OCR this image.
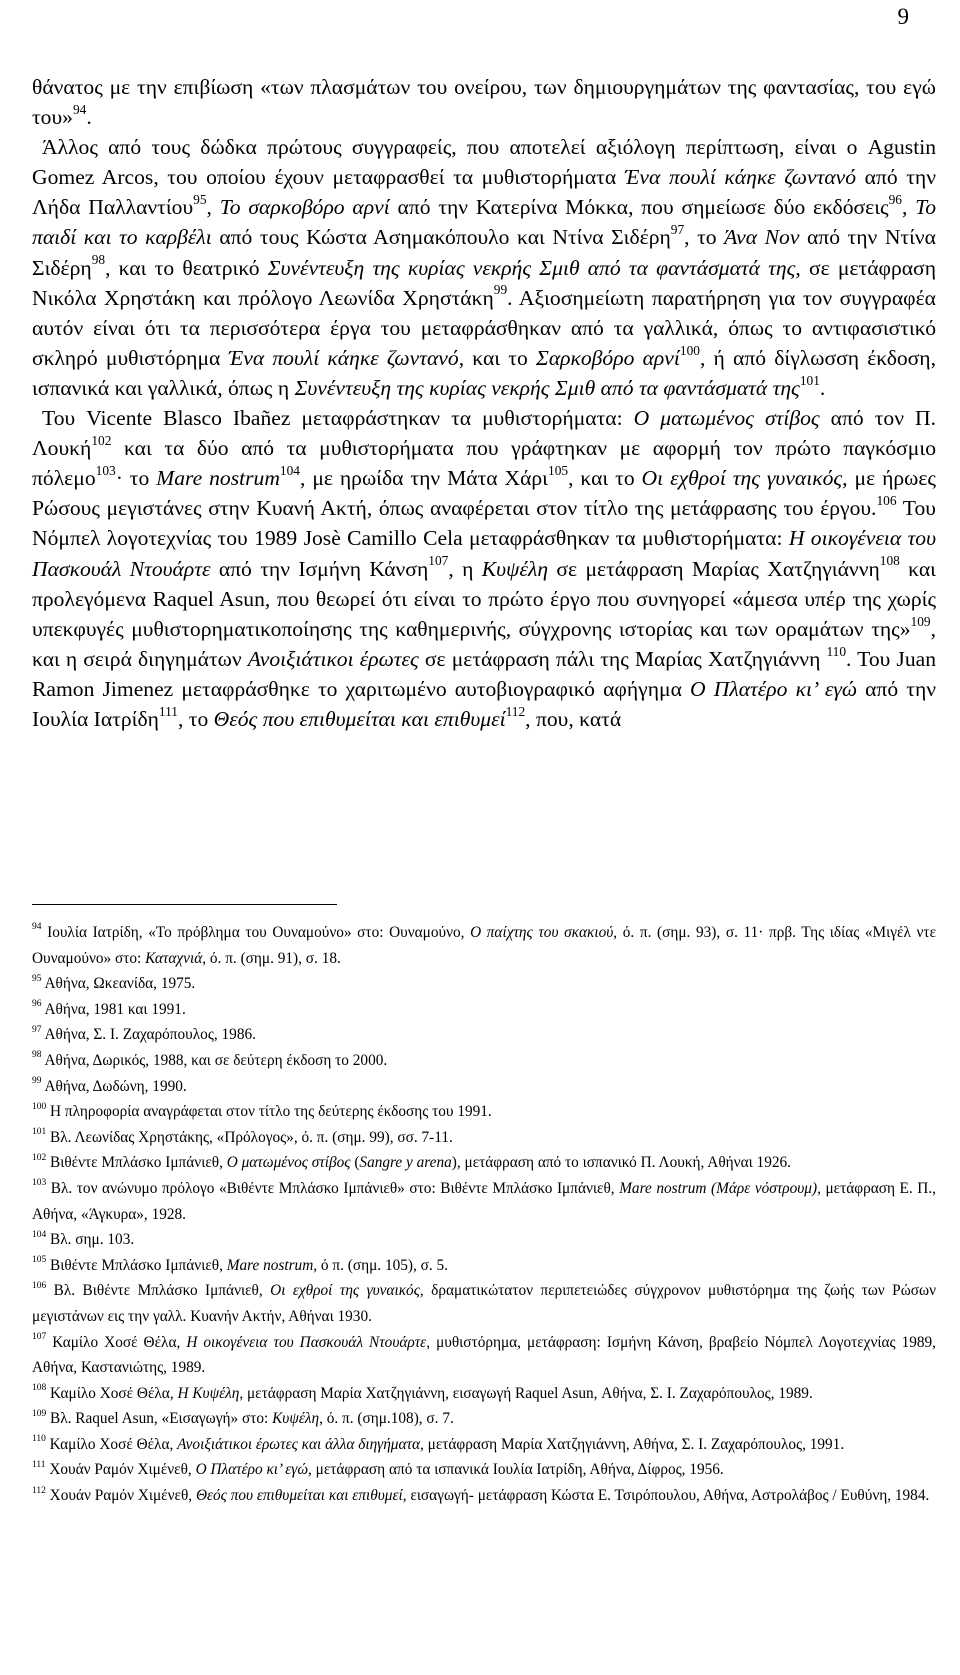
9

θάνατος με την επιβίωση «των πλασμάτων του ονείρου, των δημιουργημάτων της φαντασίας, του εγώ του»$^{94}$.

Άλλος από τους δώδκα πρώτους συγγραφείς, που αποτελεί αξιόλογη περίπτωση, είναι ο Agustin Gomez Arcos, του οποίου έχουν μεταφρασθεί τα μυθιστορήματα Ένα πουλί κάηκε ζωντανό από την Λήδα Παλλαντίου$^{95}$, Το σαρκοβόρο αρνί από την Κατερίνα Μόκκα, που σημείωσε δύο εκδόσεις$^{96}$, Το παιδί και το καρβέλι από τους Κώστα Ασημακόπουλο και Ντίνα Σιδέρη$^{97}$, το Άνα Νον από την Ντίνα Σιδέρη$^{98}$, και το θεατρικό Συνέντευξη της κυρίας νεκρής Σμιθ από τα φαντάσματά της, σε μετάφραση Νικόλα Χρηστάκη και πρόλογο Λεωνίδα Χρηστάκη$^{99}$. Αξιοσημείωτη παρατήρηση για τον συγγραφέα αυτόν είναι ότι τα περισσότερα έργα του μεταφράσθηκαν από τα γαλλικά, όπως το αντιφασιστικό σκληρό μυθιστόρημα Ένα πουλί κάηκε ζωντανό, και το Σαρκοβόρο αρνί$^{100}$, ή από δίγλωσση έκδοση, ισπανικά και γαλλικά, όπως η Συνέντευξη της κυρίας νεκρής Σμιθ από τα φαντάσματά της$^{101}$.

Του Vicente Blasco Ibañez μεταφράστηκαν τα μυθιστορήματα: Ο ματωμένος στίβος από τον Π. Λουκή$^{102}$ και τα δύο από τα μυθιστορήματα που γράφτηκαν με αφορμή τον πρώτο παγκόσμιο πόλεμο$^{103}$· το Mare nostrum$^{104}$, με ηρωίδα την Μάτα Χάρι$^{105}$, και το Οι εχθροί της γυναικός, με ήρωες Ρώσους μεγιστάνες στην Κυανή Ακτή, όπως αναφέρεται στον τίτλο της μετάφρασης του έργου.$^{106}$ Του Νόμπελ λογοτεχνίας του 1989 Josè Camillo Cela μεταφράσθηκαν τα μυθιστορήματα: Η οικογένεια του Πασκουάλ Ντουάρτε από την Ισμήνη Κάνση$^{107}$, η Κυψέλη σε μετάφραση Μαρίας Χατζηγιάννη$^{108}$ και προλεγόμενα Raquel Asun, που θεωρεί ότι είναι το πρώτο έργο που συνηγορεί «άμεσα υπέρ της χωρίς υπεκφυγές μυθιστορηματικοποίησης της καθημερινής, σύγχρονης ιστορίας και των οραμάτων της»$^{109}$, και η σειρά διηγημάτων Ανοιξιάτικοι έρωτες σε μετάφραση πάλι της Μαρίας Χατζηγιάννη $^{110}$. Του Juan Ramon Jimenez μεταφράσθηκε το χαριτωμένο αυτοβιογραφικό αφήγημα Ο Πλατέρο κι’ εγώ από την Ιουλία Ιατρίδη$^{111}$, το Θεός που επιθυμείται και επιθυμεί$^{112}$, που, κατά

$^{94}$ Ιουλία Ιατρίδη, «Το πρόβλημα του Ουναμούνο» στο: Ουναμούνο, Ο παίχτης του σκακιού, ό. π. (σημ. 93), σ. 11· πρβ. Της ιδίας «Μιγέλ ντε Ουναμούνο» στο: Καταχνιά, ό. π. (σημ. 91), σ. 18.

$^{95}$ Αθήνα, Ωκεανίδα, 1975.

$^{96}$ Αθήνα, 1981 και 1991.

$^{97}$ Αθήνα, Σ. Ι. Ζαχαρόπουλος, 1986.

$^{98}$ Αθήνα, Δωρικός, 1988, και σε δεύτερη έκδοση το 2000.

$^{99}$ Αθήνα, Δωδώνη, 1990.

$^{100}$ Η πληροφορία αναγράφεται στον τίτλο της δεύτερης έκδοσης του 1991.

$^{101}$ Βλ. Λεωνίδας Χρηστάκης, «Πρόλογος», ό. π. (σημ. 99), σσ. 7-11.

$^{102}$ Βιθέντε Μπλάσκο Ιμπάνιεθ, Ο ματωμένος στίβος (Sangre y arena), μετάφραση από το ισπανικό Π. Λουκή, Αθήναι 1926.

$^{103}$ Βλ. τον ανώνυμο πρόλογο «Βιθέντε Μπλάσκο Ιμπάνιεθ» στο: Βιθέντε Μπλάσκο Ιμπάνιεθ, Mare nostrum (Μάρε νόστρουμ), μετάφραση Ε. Π., Αθήνα, «Άγκυρα», 1928.

$^{104}$ Βλ. σημ. 103.

$^{105}$ Βιθέντε Μπλάσκο Ιμπάνιεθ, Mare nostrum, ό π. (σημ. 105), σ. 5.

$^{106}$ Βλ. Βιθέντε Μπλάσκο Ιμπάνιεθ, Οι εχθροί της γυναικός, δραματικώτατον περιπετειώδες σύγχρονον μυθιστόρημα της ζωής των Ρώσων μεγιστάνων εις την γαλλ. Κυανήν Ακτήν, Αθήναι 1930.

$^{107}$ Καμίλο Χοσέ Θέλα, Η οικογένεια του Πασκουάλ Ντουάρτε, μυθιστόρημα, μετάφραση: Ισμήνη Κάνση, βραβείο Νόμπελ Λογοτεχνίας 1989, Αθήνα, Καστανιώτης, 1989.

$^{108}$ Καμίλο Χοσέ Θέλα, Η Κυψέλη, μετάφραση Μαρία Χατζηγιάννη, εισαγωγή Raquel Asun, Αθήνα, Σ. Ι. Ζαχαρόπουλος, 1989.

$^{109}$ Βλ. Raquel Asun, «Εισαγωγή» στο: Κυψέλη, ό. π. (σημ.108), σ. 7.

$^{110}$ Καμίλο Χοσέ Θέλα, Ανοιξιάτικοι έρωτες και άλλα διηγήματα, μετάφραση Μαρία Χατζηγιάννη, Αθήνα, Σ. Ι. Ζαχαρόπουλος, 1991.

$^{111}$ Χουάν Ραμόν Χιμένεθ, Ο Πλατέρο κι’ εγώ, μετάφραση από τα ισπανικά Ιουλία Ιατρίδη, Αθήνα, Δίφρος, 1956.

$^{112}$ Χουάν Ραμόν Χιμένεθ, Θεός που επιθυμείται και επιθυμεί, εισαγωγή- μετάφραση Κώστα Ε. Τσιρόπουλου, Αθήνα, Αστρολάβος / Ευθύνη, 1984.
